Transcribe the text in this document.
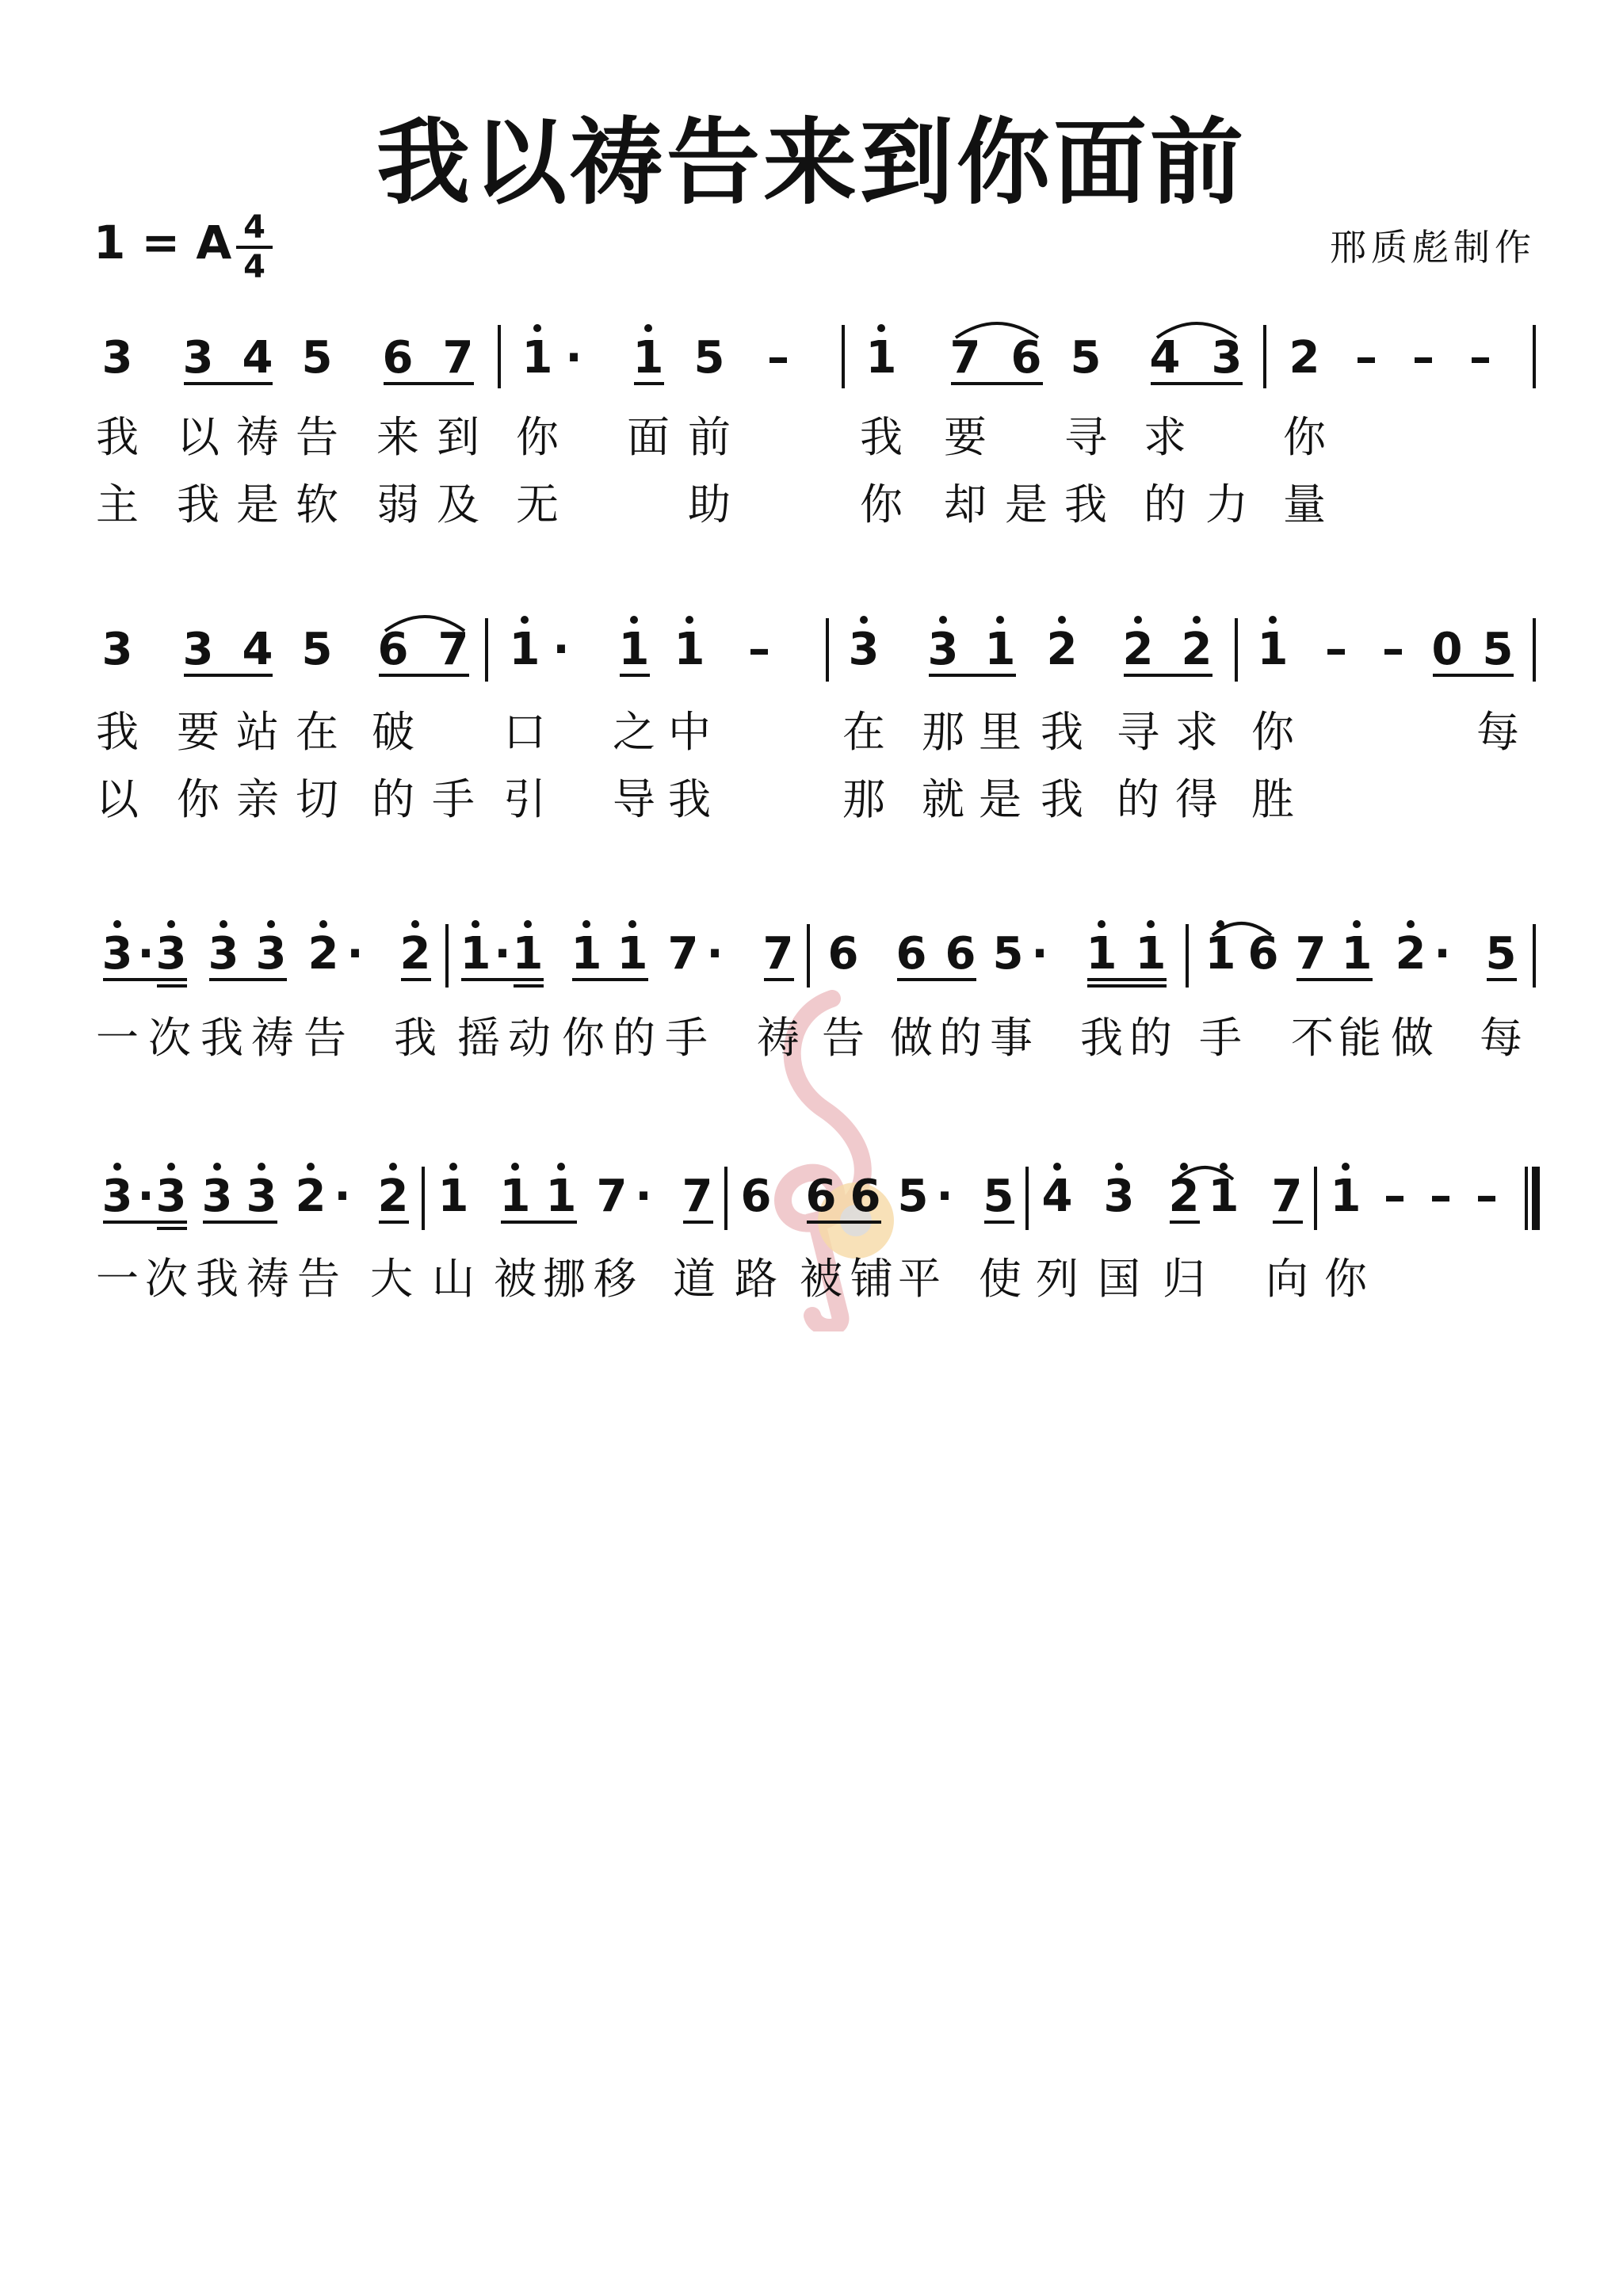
我以祷告来到你面前
1 = A 4
4	邢质彪制作
3 3 4 5 6 7 1 · 1 5 – 1 7 6 5 4 3 2 – – –
我 以 祷 告 来 到 你 面 前	我 要 寻 求 你
主 我 是 软 弱 及 无	助	你 却 是 我 的 力 量
3 3 4 5 6 7 1 · 1 1 – 3 3 1 2 2 2 1 – – 0 5
我 要 站 在 破 口 之 中	在 那 里 我 寻 求 你	每
以 你 亲 切 的 手 引 导 我	那 就 是 我 的 得 胜
3 · 3 3 3 2 · 2 1 · 1 1 1 7 · 7 6 6 6 5 · 1 1 1 6 7 1 2 · 5
一 次 我 祷 告 我 摇 动 你 的 手 祷 告 做 的 事 我 的 手 不 能 做 每
3 · 3 3 3 2 · 2 1 1 1 7 · 7 6 6 6 5 · 5 4 3 2 1 7 1 – – –
一 次 我 祷 告 大 山 被 挪 移 道 路 被 铺 平 使 列 国 归 向 你
